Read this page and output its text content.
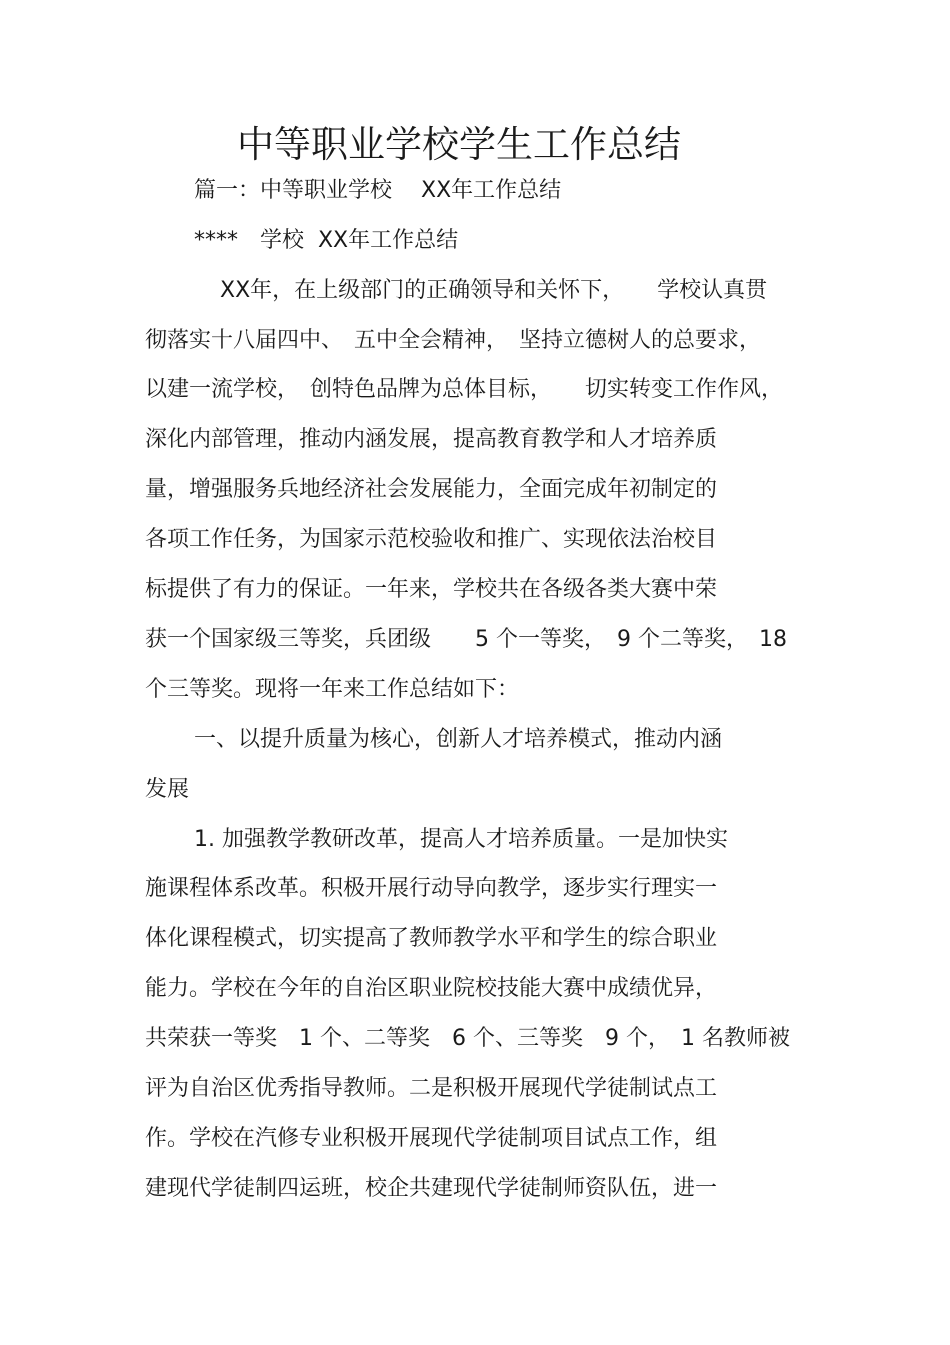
中等职业学校学生工作总结
篇一：中等职业学校　 XX年工作总结
****　学校  XX年工作总结
XX年，在上级部门的正确领导和关怀下，　　学校认真贯
彻落实十八届四中、　五中全会精神，　坚持立德树人的总要求，
以建一流学校，　创特色品牌为总体目标，　　切实转变工作作风，
深化内部管理，推动内涵发展，提高教育教学和人才培养质
量，增强服务兵地经济社会发展能力，全面完成年初制定的
各项工作任务，为国家示范校验收和推广、实现依法治校目
标提供了有力的保证。一年来，学校共在各级各类大赛中荣
获一个国家级三等奖，兵团级　　5 个一等奖，　9 个二等奖，　18
个三等奖。现将一年来工作总结如下：
一、以提升质量为核心，创新人才培养模式，推动内涵
发展
1. 加强教学教研改革，提高人才培养质量。一是加快实
施课程体系改革。积极开展行动导向教学，逐步实行理实一
体化课程模式，切实提高了教师教学水平和学生的综合职业
能力。学校在今年的自治区职业院校技能大赛中成绩优异，
共荣获一等奖　1 个、二等奖　6 个、三等奖　9 个，　1 名教师被
评为自治区优秀指导教师。二是积极开展现代学徒制试点工
作。学校在汽修专业积极开展现代学徒制项目试点工作，组
建现代学徒制四运班，校企共建现代学徒制师资队伍，进一
